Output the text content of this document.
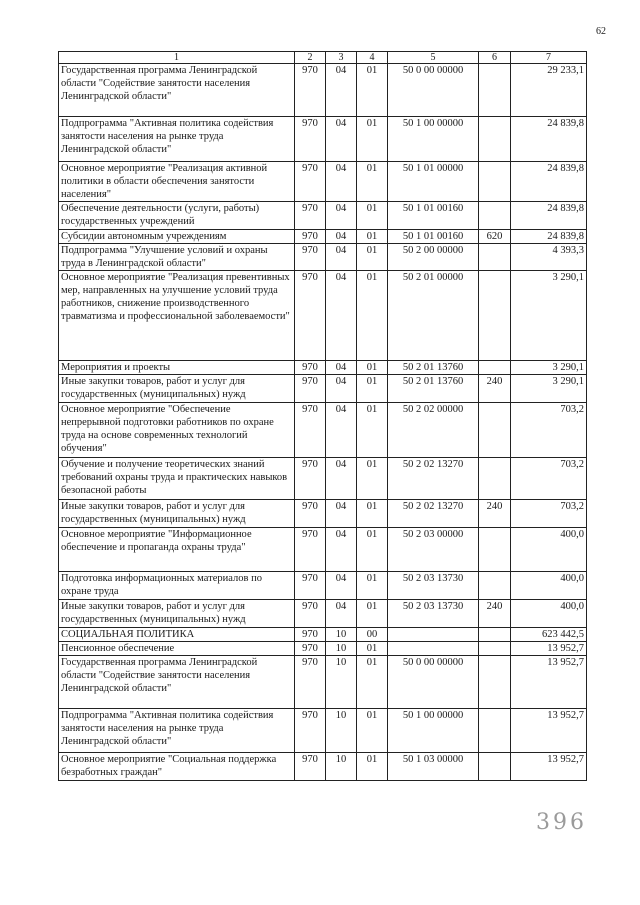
62
1	2	3	4	5	6	7
Государственная программа Ленинградской области "Содействие занятости населения Ленинградской области"	970	04	01	50 0 00 00000		29 233,1
Подпрограмма "Активная политика содействия занятости населения на рынке труда Ленинградской области"	970	04	01	50 1 00 00000		24 839,8
Основное мероприятие "Реализация активной политики в области обеспечения занятости населения"	970	04	01	50 1 01 00000		24 839,8
Обеспечение деятельности (услуги, работы) государственных учреждений	970	04	01	50 1 01 00160		24 839,8
Субсидии автономным учреждениям	970	04	01	50 1 01 00160	620	24 839,8
Подпрограмма "Улучшение условий и охраны труда в Ленинградской области"	970	04	01	50 2 00 00000		4 393,3
Основное мероприятие "Реализация превентивных мер, направленных на улучшение условий труда работников, снижение производственного травматизма и профессиональной заболеваемости"	970	04	01	50 2 01 00000		3 290,1
Мероприятия и проекты	970	04	01	50 2 01 13760		3 290,1
Иные закупки товаров, работ и услуг для государственных (муниципальных) нужд	970	04	01	50 2 01 13760	240	3 290,1
Основное мероприятие "Обеспечение непрерывной подготовки работников по охране труда на основе современных технологий обучения"	970	04	01	50 2 02 00000		703,2
Обучение и получение теоретических знаний требований охраны труда и практических навыков безопасной работы	970	04	01	50 2 02 13270		703,2
Иные закупки товаров, работ и услуг для государственных (муниципальных) нужд	970	04	01	50 2 02 13270	240	703,2
Основное мероприятие "Информационное обеспечение и пропаганда охраны труда"	970	04	01	50 2 03 00000		400,0
Подготовка информационных материалов по охране труда	970	04	01	50 2 03 13730		400,0
Иные закупки товаров, работ и услуг для государственных (муниципальных) нужд	970	04	01	50 2 03 13730	240	400,0
СОЦИАЛЬНАЯ ПОЛИТИКА	970	10	00			623 442,5
Пенсионное обеспечение	970	10	01			13 952,7
Государственная программа Ленинградской области "Содействие занятости населения Ленинградской области"	970	10	01	50 0 00 00000		13 952,7
Подпрограмма "Активная политика содействия занятости населения на рынке труда Ленинградской области"	970	10	01	50 1 00 00000		13 952,7
Основное мероприятие "Социальная поддержка безработных граждан"	970	10	01	50 1 03 00000		13 952,7
396
